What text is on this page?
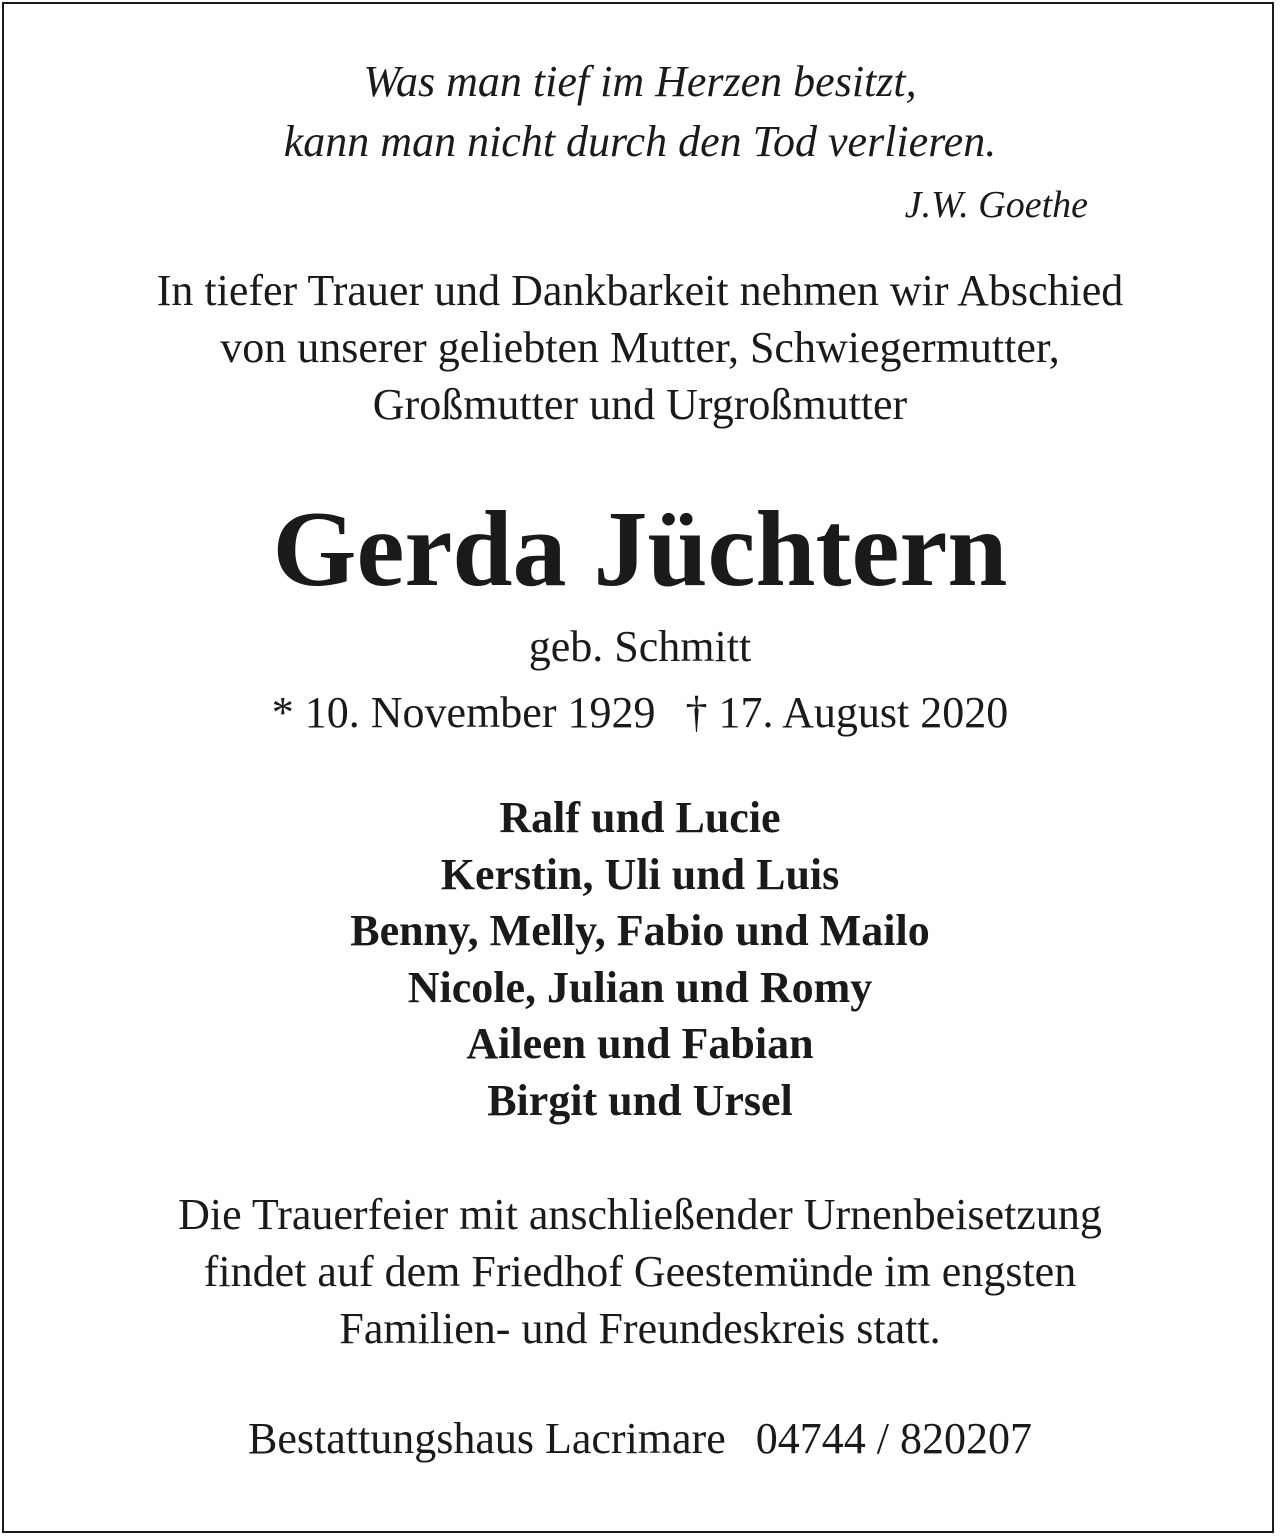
Was man tief im Herzen besitzt,
kann man nicht durch den Tod verlieren.
J.W. Goethe
In tiefer Trauer und Dankbarkeit nehmen wir Abschied
von unserer geliebten Mutter, Schwiegermutter,
Großmutter und Urgroßmutter
Gerda Jüchtern
geb. Schmitt
* 10. November 1929 † 17. August 2020
Ralf und Lucie
Kerstin, Uli und Luis
Benny, Melly, Fabio und Mailo
Nicole, Julian und Romy
Aileen und Fabian
Birgit und Ursel
Die Trauerfeier mit anschließender Urnenbeisetzung
findet auf dem Friedhof Geestemünde im engsten
Familien- und Freundeskreis statt.
Bestattungshaus Lacrimare 04744 / 820207
